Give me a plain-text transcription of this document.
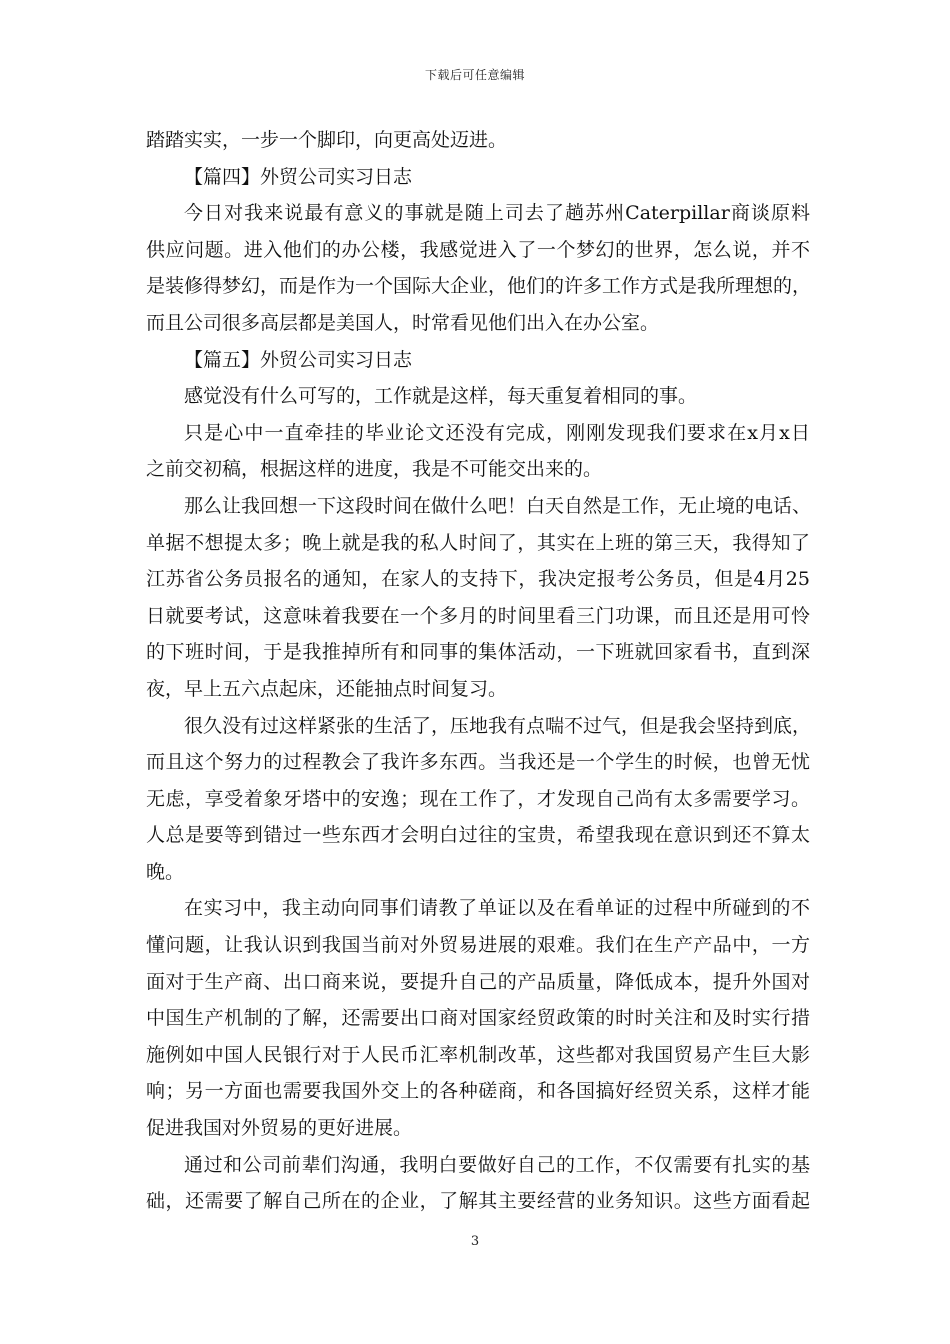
下载后可任意编辑
踏踏实实，一步一个脚印，向更高处迈进。
【篇四】外贸公司实习日志
今日对我来说最有意义的事就是随上司去了趟苏州Caterpillar商谈原料
供应问题。进入他们的办公楼，我感觉进入了一个梦幻的世界，怎么说，并不
是装修得梦幻，而是作为一个国际大企业，他们的许多工作方式是我所理想的，
而且公司很多高层都是美国人，时常看见他们出入在办公室。
【篇五】外贸公司实习日志
感觉没有什么可写的，工作就是这样，每天重复着相同的事。
只是心中一直牵挂的毕业论文还没有完成，刚刚发现我们要求在x月x日
之前交初稿，根据这样的进度，我是不可能交出来的。
那么让我回想一下这段时间在做什么吧！白天自然是工作，无止境的电话、
单据不想提太多；晚上就是我的私人时间了，其实在上班的第三天，我得知了
江苏省公务员报名的通知，在家人的支持下，我决定报考公务员，但是4月25
日就要考试，这意味着我要在一个多月的时间里看三门功课，而且还是用可怜
的下班时间，于是我推掉所有和同事的集体活动，一下班就回家看书，直到深
夜，早上五六点起床，还能抽点时间复习。
很久没有过这样紧张的生活了，压地我有点喘不过气，但是我会坚持到底，
而且这个努力的过程教会了我许多东西。当我还是一个学生的时候，也曾无忧
无虑，享受着象牙塔中的安逸；现在工作了，才发现自己尚有太多需要学习。
人总是要等到错过一些东西才会明白过往的宝贵，希望我现在意识到还不算太
晚。
在实习中，我主动向同事们请教了单证以及在看单证的过程中所碰到的不
懂问题，让我认识到我国当前对外贸易进展的艰难。我们在生产产品中，一方
面对于生产商、出口商来说，要提升自己的产品质量，降低成本，提升外国对
中国生产机制的了解，还需要出口商对国家经贸政策的时时关注和及时实行措
施例如中国人民银行对于人民币汇率机制改革，这些都对我国贸易产生巨大影
响；另一方面也需要我国外交上的各种磋商，和各国搞好经贸关系，这样才能
促进我国对外贸易的更好进展。
通过和公司前辈们沟通，我明白要做好自己的工作，不仅需要有扎实的基
础，还需要了解自己所在的企业，了解其主要经营的业务知识。这些方面看起
3
